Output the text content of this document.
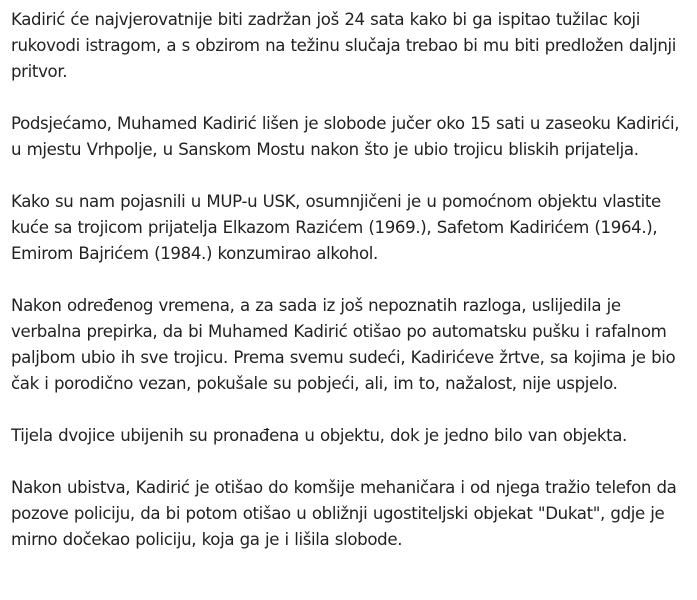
Kadirić će najvjerovatnije biti zadržan još 24 sata kako bi ga ispitao tužilac koji rukovodi istragom, a s obzirom na težinu slučaja trebao bi mu biti predložen daljnji pritvor.

Podsjećamo, Muhamed Kadirić lišen je slobode jučer oko 15 sati u zaseoku Kadirići, u mjestu Vrhpolje, u Sanskom Mostu nakon što je ubio trojicu bliskih prijatelja.

Kako su nam pojasnili u MUP-u USK, osumnjičeni je u pomoćnom objektu vlastite kuće sa trojicom prijatelja Elkazom Razićem (1969.), Safetom Kadirićem (1964.), Emirom Bajrićem (1984.) konzumirao alkohol.

Nakon određenog vremena, a za sada iz još nepoznatih razloga, uslijedila je verbalna prepirka, da bi Muhamed Kadirić otišao po automatsku pušku i rafalnom paljbom ubio ih sve trojicu. Prema svemu sudeći, Kadirićeve žrtve, sa kojima je bio čak i porodično vezan, pokušale su pobjeći, ali, im to, nažalost, nije uspjelo.

Tijela dvojice ubijenih su pronađena u objektu, dok je jedno bilo van objekta.

Nakon ubistva, Kadirić je otišao do komšije mehaničara i od njega tražio telefon da pozove policiju, da bi potom otišao u obližnji ugostiteljski objekat "Dukat", gdje je mirno dočekao policiju, koja ga je i lišila slobode.
